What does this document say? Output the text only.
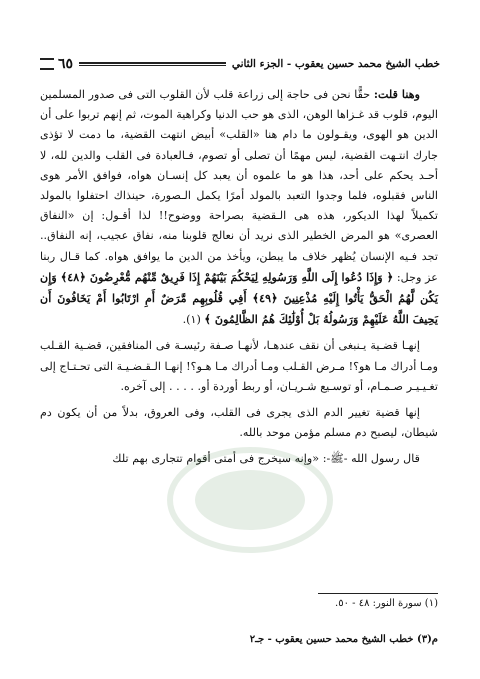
خطب الشيخ محمد حسين يعقوب - الجزء الثاني
٦٥

وهنا قلت: حقًّا نحن فى حاجة إلى زراعة قلب لأن القلوب التى فى صدور المسلمين اليوم، قلوب قد غـزاها الوهن، الذى هو حب الدنيا وكراهية الموت، ثم إنهم تربوا على أن الدين هو الهوى، ويقـولون ما دام هنا «القلب» أبيض انتهت القضية، ما دمت لا تؤذى جارك انتـهت القضية، ليس مهمًا أن تصلى أو تصوم، فـالعبادة فى القلب والدين لله، لا أحـد يحكم على أحد، هذا هو ما علموه أن يعبد كل إنسـان هواه، فوافق الأمر هوى الناس فقبلوه، فلما وجدوا التعبد بالمولد أمرًا يكمل الـصورة، حينذاك احتفلوا بالمولد تكميلاً لهذا الديكور، هذه هى الـقضية بصراحة ووضوح!! لذا أقـول: إن «النفاق العصرى» هو المرض الخطير الذى نريد أن نعالج قلوبنا منه، نفاق عجيب، إنه النفاق.. تجد فـيه الإنسان يُظهر خلاف ما يبطن، ويأخذ من الدين ما يوافق هواه. كما قـال ربنا عز وجل: ﴿ وَإِذَا دُعُوا إِلَى اللَّهِ وَرَسُولِهِ لِيَحْكُمَ بَيْنَهُمْ إِذَا فَرِيقٌ مِّنْهُم مُّعْرِضُونَ ﴿٤٨﴾ وَإِن يَكُن لَّهُمُ الْحَقُّ يَأْتُوا إِلَيْهِ مُذْعِنِينَ ﴿٤٩﴾ أَفِي قُلُوبِهِم مَّرَضٌ أَمِ ارْتَابُوا أَمْ يَخَافُونَ أَن يَحِيفَ اللَّهُ عَلَيْهِمْ وَرَسُولُهُ بَلْ أُوْلَٰئِكَ هُمُ الظَّالِمُونَ ﴾ (١).

إنهـا قضـية يـنبغى أن نقف عندهـا، لأنهـا صـفة رئيسـة فى المنافقين، قضـية القـلب ومـا أدراك مـا هو؟! مـرض القـلب ومـا أدراك مـا هـو؟! إنهـا الـقـضـيـة التى تحـتـاج إلى تغـيـيـر صـمـام، أو توسـيع شـريـان، أو ربط أوردة أو. . . . . إلى آخره.

إنها قضية تغيير الدم الذى يجرى فى القلب، وفى العروق، بدلاً من أن يكون دم شيطان، ليصبح دم مسلم مؤمن موحد بالله.

قال رسول الله -ﷺ-: «وإنه سيخرج فى أمتى أقوام تتجارى بهم تلك

(١) سورة النور: ٤٨ - ٥٠.
م(٣) خطب الشيخ محمد حسين يعقوب - جـ٢
